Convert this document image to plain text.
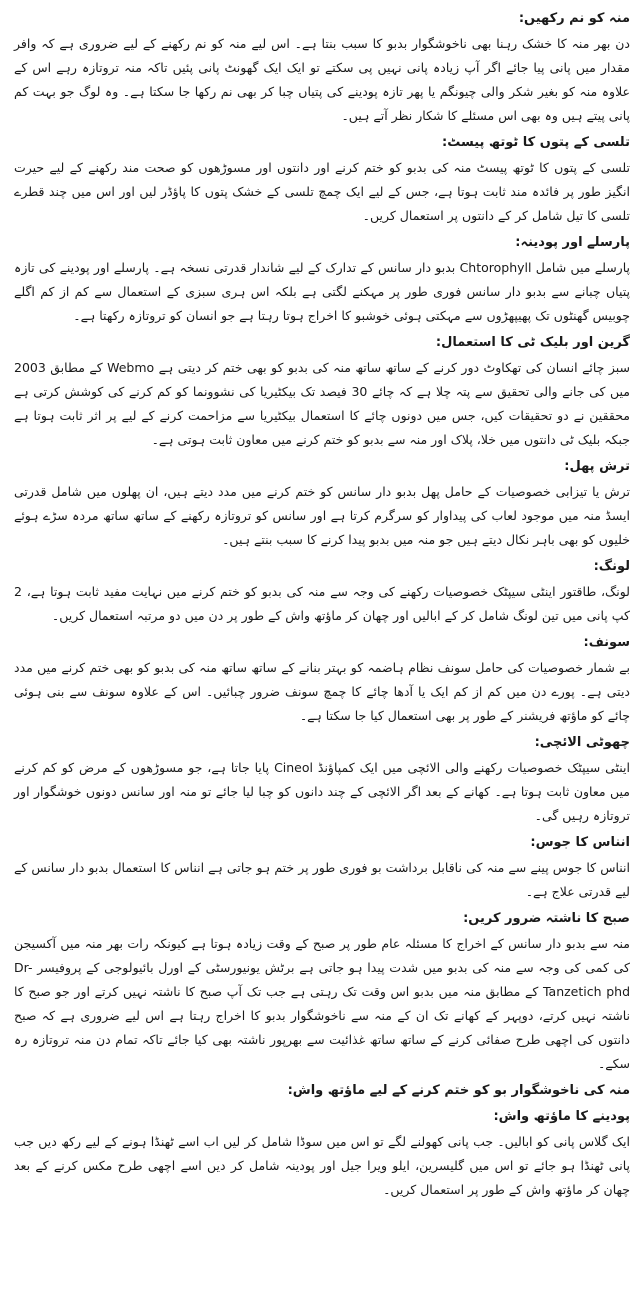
منہ کو نم رکھیں:

دن بھر منہ کا خشک رہنا بھی ناخوشگوار بدبو کا سبب بنتا ہے۔ اس لیے منہ کو نم رکھنے کے لیے ضروری ہے کہ وافر مقدار میں پانی پیا جائے اگر آپ زیادہ پانی نہیں پی سکتے تو ایک ایک گھونٹ پانی پئیں تاکہ منہ تروتازہ رہے اس کے علاوہ منہ کو بغیر شکر والی چیونگم یا پھر تازہ پودینے کی پتیاں چبا کر بھی نم رکھا جا سکتا ہے۔ وہ لوگ جو بہت کم پانی پیتے ہیں وہ بھی اس مسئلے کا شکار نظر آتے ہیں۔

تلسی کے پتوں کا ٹوتھ پیسٹ:

تلسی کے پتوں کا ٹوتھ پیسٹ منہ کی بدبو کو ختم کرنے اور دانتوں اور مسوڑھوں کو صحت مند رکھنے کے لیے حیرت انگیز طور پر فائدہ مند ثابت ہوتا ہے، جس کے لیے ایک چمچ تلسی کے خشک پتوں کا پاؤڈر لیں اور اس میں چند قطرے تلسی کا تیل شامل کر کے دانتوں پر استعمال کریں۔

پارسلے اور پودینہ:

پارسلے میں شامل Chtorophyll بدبو دار سانس کے تدارک کے لیے شاندار قدرتی نسخہ ہے۔ پارسلے اور پودینے کی تازہ پتیاں چبانے سے بدبو دار سانس فوری طور پر مہکنے لگتی ہے بلکہ اس ہری سبزی کے استعمال سے کم از کم اگلے چوبیس گھنٹوں تک پھیپھڑوں سے مہکتی ہوئی خوشبو کا اخراج ہوتا رہتا ہے جو انسان کو تروتازہ رکھتا ہے۔

گرین اور بلیک ٹی کا استعمال:

سبز چائے انسان کی تھکاوٹ دور کرنے کے ساتھ ساتھ منہ کی بدبو کو بھی ختم کر دیتی ہے Webmo کے مطابق 2003 میں کی جانے والی تحقیق سے پتہ چلا ہے کہ چائے 30 فیصد تک بیکٹیریا کی نشوونما کو کم کرنے کی کوشش کرتی ہے محققین نے دو تحقیقات کیں، جس میں دونوں چائے کا استعمال بیکٹیریا سے مزاحمت کرنے کے لیے پر اثر ثابت ہوتا ہے جبکہ بلیک ٹی دانتوں میں خلا، پلاک اور منہ سے بدبو کو ختم کرنے میں معاون ثابت ہوتی ہے۔

ترش پھل:

ترش یا تیزابی خصوصیات کے حامل پھل بدبو دار سانس کو ختم کرنے میں مدد دیتے ہیں، ان پھلوں میں شامل قدرتی ایسڈ منہ میں موجود لعاب کی پیداوار کو سرگرم کرتا ہے اور سانس کو تروتازہ رکھنے کے ساتھ ساتھ مردہ سڑے ہوئے خلیوں کو بھی باہر نکال دیتے ہیں جو منہ میں بدبو پیدا کرنے کا سبب بنتے ہیں۔

لونگ:

لونگ، طاقتور اینٹی سیپٹک خصوصیات رکھنے کی وجہ سے منہ کی بدبو کو ختم کرنے میں نہایت مفید ثابت ہوتا ہے، 2 کپ پانی میں تین لونگ شامل کر کے ابالیں اور چھان کر ماؤتھ واش کے طور پر دن میں دو مرتبہ استعمال کریں۔

سونف:

بے شمار خصوصیات کی حامل سونف نظام ہاضمہ کو بہتر بنانے کے ساتھ ساتھ منہ کی بدبو کو بھی ختم کرنے میں مدد دیتی ہے۔ پورے دن میں کم از کم ایک یا آدھا چائے کا چمچ سونف ضرور چبائیں۔ اس کے علاوہ سونف سے بنی ہوئی چائے کو ماؤتھ فریشنر کے طور پر بھی استعمال کیا جا سکتا ہے۔

چھوٹی الائچی:

اینٹی سیپٹک خصوصیات رکھنے والی الائچی میں ایک کمپاؤنڈ Cineol پایا جاتا ہے، جو مسوڑھوں کے مرض کو کم کرنے میں معاون ثابت ہوتا ہے۔ کھانے کے بعد اگر الائچی کے چند دانوں کو چبا لیا جائے تو منہ اور سانس دونوں خوشگوار اور تروتازہ رہیں گی۔

انناس کا جوس:

انناس کا جوس پینے سے منہ کی ناقابل برداشت بو فوری طور پر ختم ہو جاتی ہے انناس کا استعمال بدبو دار سانس کے لیے قدرتی علاج ہے۔

صبح کا ناشتہ ضرور کریں:

منہ سے بدبو دار سانس کے اخراج کا مسئلہ عام طور پر صبح کے وقت زیادہ ہوتا ہے کیونکہ رات بھر منہ میں آکسیجن کی کمی کی وجہ سے منہ کی بدبو میں شدت پیدا ہو جاتی ہے برٹش یونیورسٹی کے اورل بائیولوجی کے پروفیسر Dr-Tanzetich phd کے مطابق منہ میں بدبو اس وقت تک رہتی ہے جب تک آپ صبح کا ناشتہ نہیں کرتے اور جو صبح کا ناشتہ نہیں کرتے، دوپہر کے کھانے تک ان کے منہ سے ناخوشگوار بدبو کا اخراج رہتا ہے اس لیے ضروری ہے کہ صبح دانتوں کی اچھی طرح صفائی کرنے کے ساتھ ساتھ غذائیت سے بھرپور ناشتہ بھی کیا جائے تاکہ تمام دن منہ تروتازہ رہ سکے۔

منہ کی ناخوشگوار بو کو ختم کرنے کے لیے ماؤتھ واش:
پودینے کا ماؤتھ واش:

ایک گلاس پانی کو ابالیں۔ جب پانی کھولنے لگے تو اس میں سوڈا شامل کر لیں اب اسے ٹھنڈا ہونے کے لیے رکھ دیں جب پانی ٹھنڈا ہو جائے تو اس میں گلیسرین، ایلو ویرا جیل اور پودینہ شامل کر دیں اسے اچھی طرح مکس کرنے کے بعد چھان کر ماؤتھ واش کے طور پر استعمال کریں۔
